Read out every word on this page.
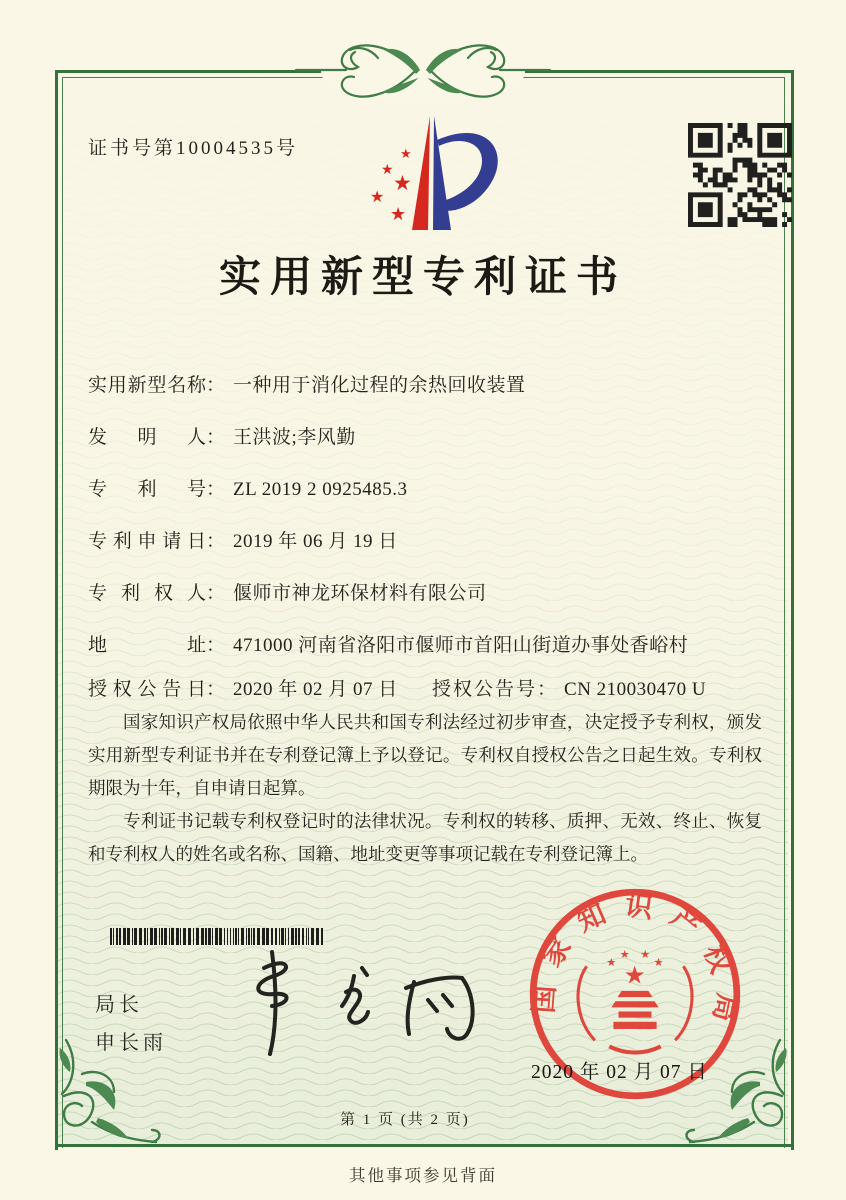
证书号第10004535号	★
★
★
★
★
实用新型专利证书
实用新型名称： 一种用于消化过程的余热回收装置
发明人： 王洪波;李风勤
专利号： ZL 2019 2 0925485.3
专利申请日： 2019 年 06 月 19 日
专利权人： 偃师市神龙环保材料有限公司
地址： 471000 河南省洛阳市偃师市首阳山街道办事处香峪村
授权公告日： 2020 年 02 月 07 日 授权公告号： CN 210030470 U

国家知识产权局依照中华人民共和国专利法经过初步审查，决定授予专利权，颁发实用新型专利证书并在专利登记簿上予以登记。专利权自授权公告之日起生效。专利权期限为十年，自申请日起算。

专利证书记载专利权登记时的法律状况。专利权的转移、质押、无效、终止、恢复和专利权人的姓名或名称、国籍、地址变更等事项记载在专利登记簿上。

局长
申长雨
国家知识产权局
★
★
★ ★
★
2020 年 02 月 07 日
第 1 页 (共 2 页)
其他事项参见背面
